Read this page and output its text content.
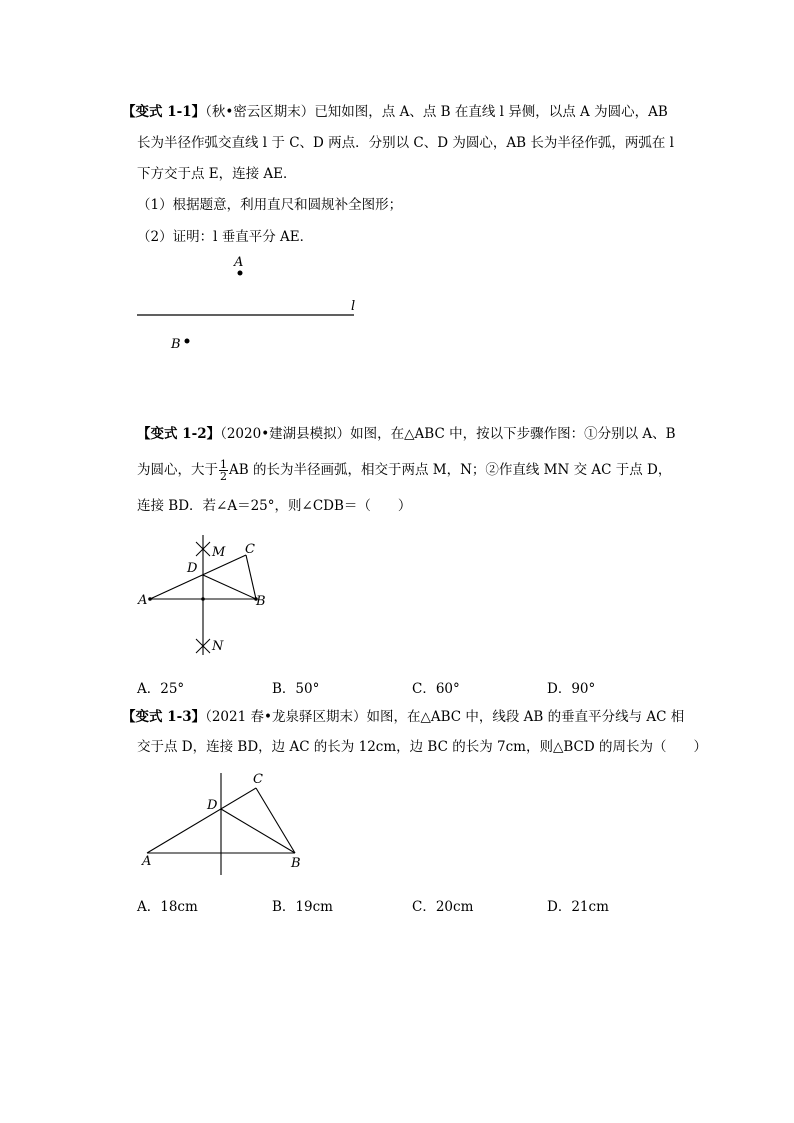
【变式 1-1】（秋•密云区期末）已知如图，点 A、点 B 在直线 l 异侧，以点 A 为圆心，AB
长为半径作弧交直线 l 于 C、D 两点．分别以 C、D 为圆心，AB 长为半径作弧，两弧在 l
下方交于点 E，连接 AE．
（1）根据题意，利用直尺和圆规补全图形；
（2）证明：l 垂直平分 AE．
A
l
B
【变式 1-2】（2020•建湖县模拟）如图，在△ABC 中，按以下步骤作图：①分别以 A、B
为圆心，大于 $\frac{1}{2}$ AB 的长为半径画弧，相交于两点 M，N；②作直线 MN 交 AC 于点 D，
连接 BD．若∠A＝25°，则∠CDB＝（　　）
A	B
C
D
M
N
A．25°	B．50°	C．60°	D．90°
【变式 1-3】（2021 春•龙泉驿区期末）如图，在△ABC 中，线段 AB 的垂直平分线与 AC 相
交于点 D，连接 BD，边 AC 的长为 12cm，边 BC 的长为 7cm，则△BCD 的周长为（　　）
A	B
C
D
A．18cm	B．19cm	C．20cm	D．21cm
